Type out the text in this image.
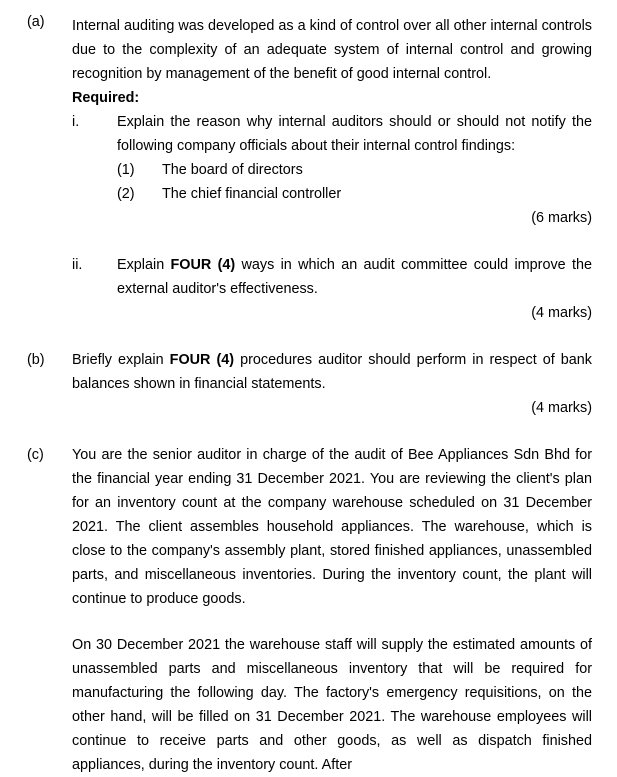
(a) Internal auditing was developed as a kind of control over all other internal controls due to the complexity of an adequate system of internal control and growing recognition by management of the benefit of good internal control.
Required:
i.	Explain the reason why internal auditors should or should not notify the following company officials about their internal control findings:
(1) The board of directors
(2) The chief financial controller
(6 marks)
ii. Explain FOUR (4) ways in which an audit committee could improve the external auditor's effectiveness.
(4 marks)
(b) Briefly explain FOUR (4) procedures auditor should perform in respect of bank balances shown in financial statements.
(4 marks)
(c) You are the senior auditor in charge of the audit of Bee Appliances Sdn Bhd for the financial year ending 31 December 2021. You are reviewing the client's plan for an inventory count at the company warehouse scheduled on 31 December 2021. The client assembles household appliances. The warehouse, which is close to the company's assembly plant, stored finished appliances, unassembled parts, and miscellaneous inventories. During the inventory count, the plant will continue to produce goods.
On 30 December 2021 the warehouse staff will supply the estimated amounts of unassembled parts and miscellaneous inventory that will be required for manufacturing the following day. The factory's emergency requisitions, on the other hand, will be filled on 31 December 2021. The warehouse employees will continue to receive parts and other goods, as well as dispatch finished appliances, during the inventory count. After
